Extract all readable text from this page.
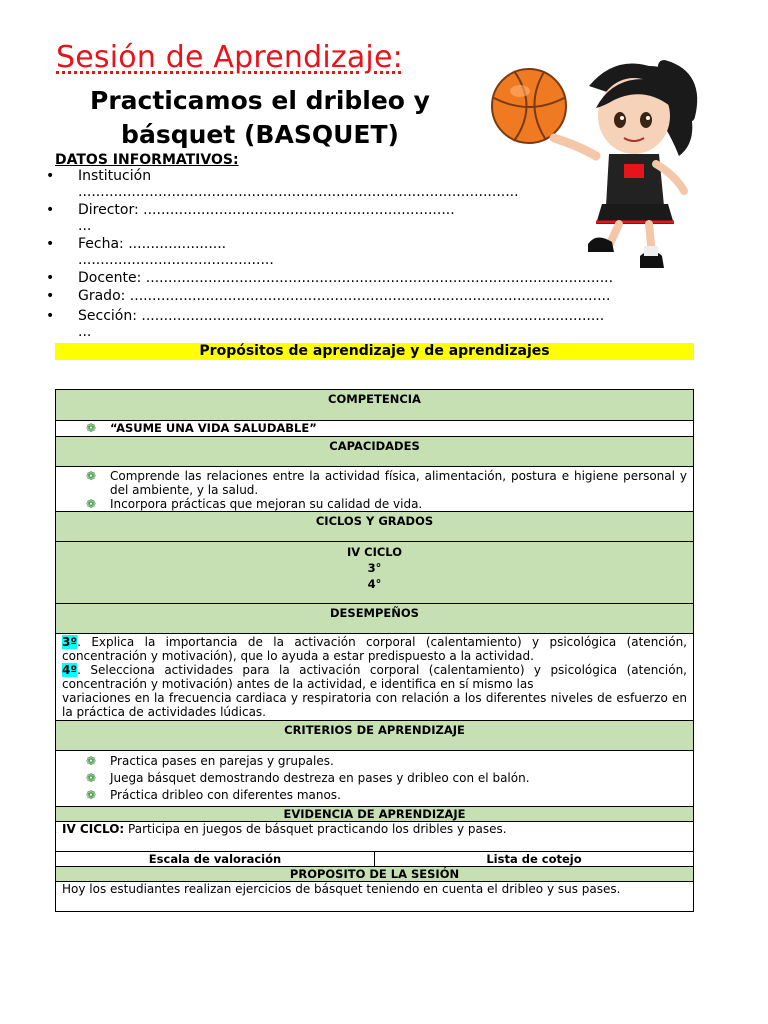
Sesión de Aprendizaje:
Practicamos el dribleo y
básquet (BASQUET)
DATOS INFORMATIVOS:
• Institución
...................................................................................................
• Director: ......................................................................
...
• Fecha: ......................
............................................
• Docente: .........................................................................................................
• Grado: ............................................................................................................
• Sección: ........................................................................................................
...
Propósitos de aprendizaje y de aprendizajes
COMPETENCIA
❁ “ASUME UNA VIDA SALUDABLE”
CAPACIDADES
❁ Comprende las relaciones entre la actividad física, alimentación, postura e higiene personal y del ambiente, y la salud.
❁ Incorpora prácticas que mejoran su calidad de vida.
CICLOS Y GRADOS
IV CICLO
3°
4°
DESEMPEÑOS
3º. Explica la importancia de la activación corporal (calentamiento) y psicológica (atención, concentración y motivación), que lo ayuda a estar predispuesto a la actividad.
4º. Selecciona actividades para la activación corporal (calentamiento) y psicológica (atención, concentración y motivación) antes de la actividad, e identifica en sí mismo las
variaciones en la frecuencia cardiaca y respiratoria con relación a los diferentes niveles de esfuerzo en la práctica de actividades lúdicas.
CRITERIOS DE APRENDIZAJE
❁ Practica pases en parejas y grupales.
❁ Juega básquet demostrando destreza en pases y dribleo con el balón.
❁ Práctica dribleo con diferentes manos.
EVIDENCIA DE APRENDIZAJE
IV CICLO: Participa en juegos de básquet practicando los dribles y pases.
Escala de valoración	Lista de cotejo
PROPOSITO DE LA SESIÓN
Hoy los estudiantes realizan ejercicios de básquet teniendo en cuenta el dribleo y sus pases.
